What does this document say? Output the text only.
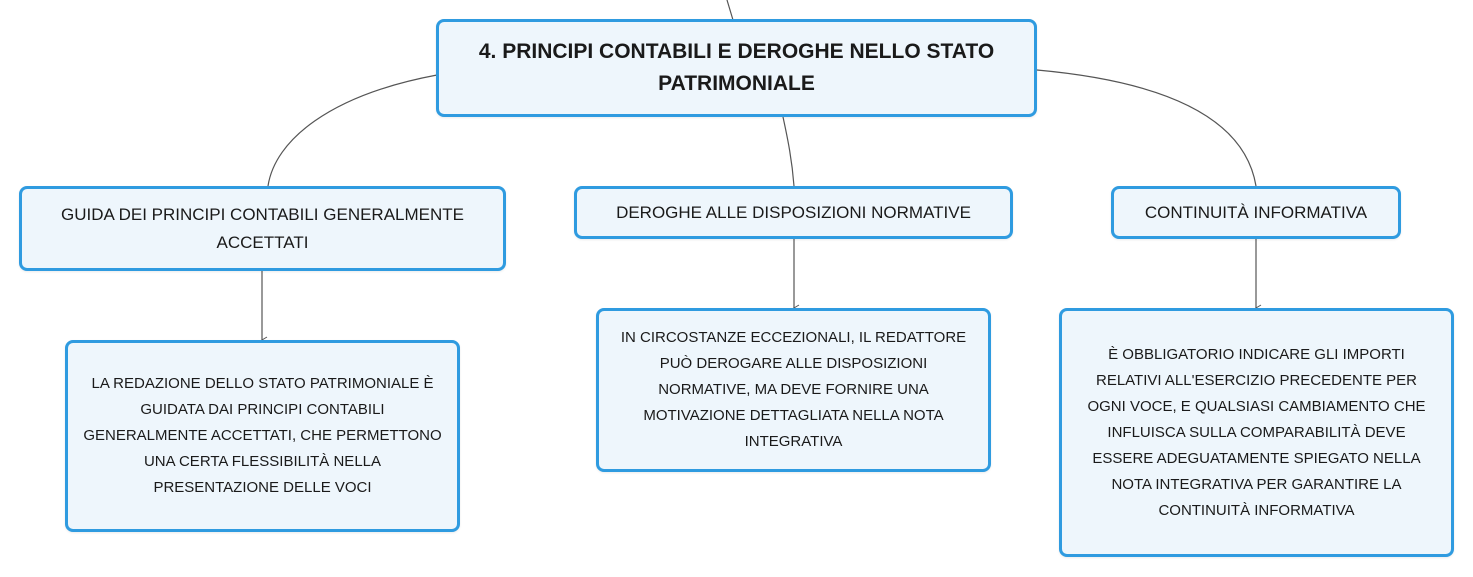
4. PRINCIPI CONTABILI E DEROGHE NELLO STATO PATRIMONIALE
GUIDA DEI PRINCIPI CONTABILI GENERALMENTE ACCETTATI
DEROGHE ALLE DISPOSIZIONI NORMATIVE	CONTINUITÀ INFORMATIVA
LA REDAZIONE DELLO STATO PATRIMONIALE È GUIDATA DAI PRINCIPI CONTABILI GENERALMENTE ACCETTATI, CHE PERMETTONO UNA CERTA FLESSIBILITÀ NELLA PRESENTAZIONE DELLE VOCI
IN CIRCOSTANZE ECCEZIONALI, IL REDATTORE PUÒ DEROGARE ALLE DISPOSIZIONI NORMATIVE, MA DEVE FORNIRE UNA MOTIVAZIONE DETTAGLIATA NELLA NOTA INTEGRATIVA
È OBBLIGATORIO INDICARE GLI IMPORTI RELATIVI ALL'ESERCIZIO PRECEDENTE PER OGNI VOCE, E QUALSIASI CAMBIAMENTO CHE INFLUISCA SULLA COMPARABILITÀ DEVE ESSERE ADEGUATAMENTE SPIEGATO NELLA NOTA INTEGRATIVA PER GARANTIRE LA CONTINUITÀ INFORMATIVA
